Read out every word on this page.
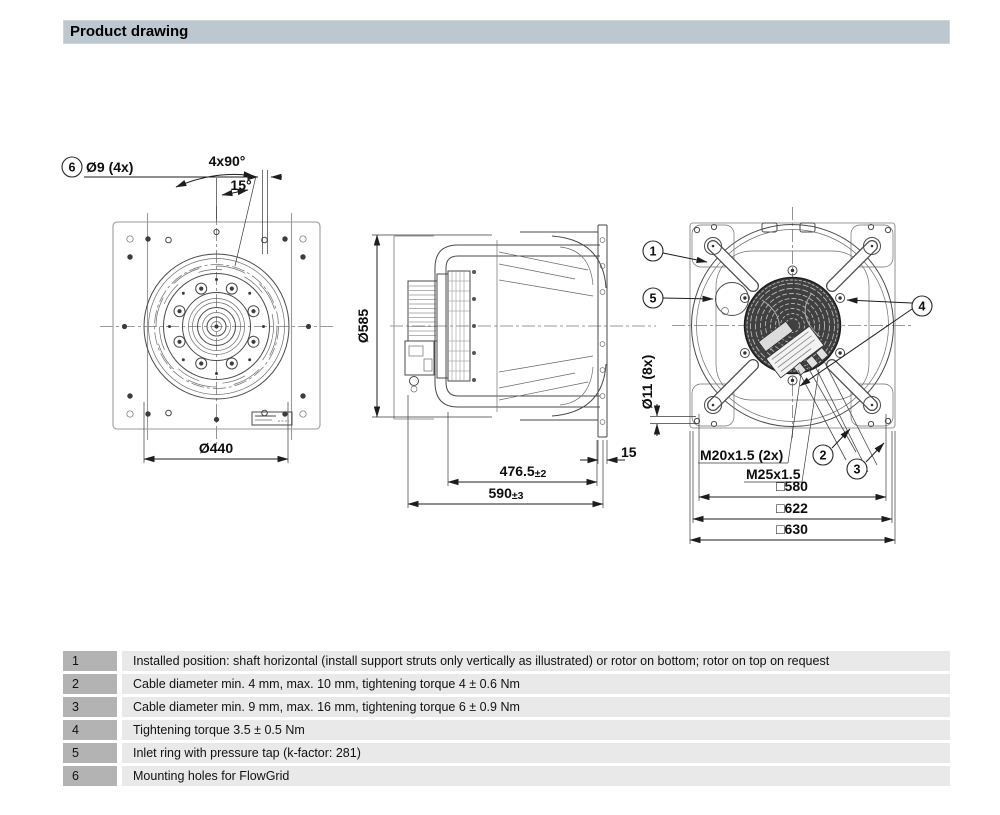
Product drawing
6 Ø9 (4x)	4x90°
15°
Ø440
Ø585
476.5±2
590±3
15
1
5
4
2
3
Ø11 (8x)
M20x1.5 (2x)
M25x1.5
□580
□622
□630
1	Installed position: shaft horizontal (install support struts only vertically as illustrated) or rotor on bottom; rotor on top on request
2	Cable diameter min. 4 mm, max. 10 mm, tightening torque 4 ± 0.6 Nm
3	Cable diameter min. 9 mm, max. 16 mm, tightening torque 6 ± 0.9 Nm
4	Tightening torque 3.5 ± 0.5 Nm
5	Inlet ring with pressure tap (k-factor: 281)
6	Mounting holes for FlowGrid
